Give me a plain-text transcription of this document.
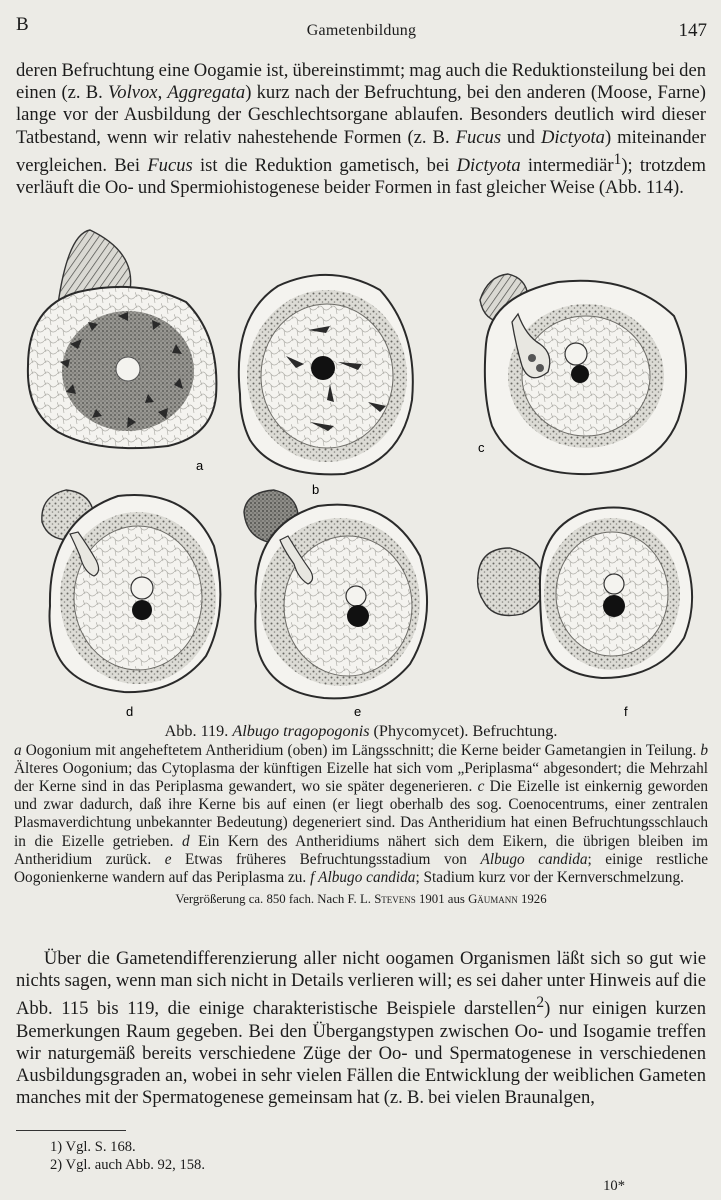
B	Gametenbildung	147

deren Befruchtung eine Oogamie ist, übereinstimmt; mag auch die Reduktionsteilung bei den einen (z. B. Volvox, Aggregata) kurz nach der Befruchtung, bei den anderen (Moose, Farne) lange vor der Ausbildung der Geschlechtsorgane ablaufen. Besonders deutlich wird dieser Tatbestand, wenn wir relativ nahestehende Formen (z. B. Fucus und Dictyota) miteinander vergleichen. Bei Fucus ist die Reduktion gametisch, bei Dictyota intermediär$^1$); trotzdem verläuft die Oo- und Spermiohistogenese beider Formen in fast gleicher Weise (Abb. 114).

a
b
c
d	e	f
Abb. 119. Albugo tragopogonis (Phycomycet). Befruchtung.
a Oogonium mit angeheftetem Antheridium (oben) im Längsschnitt; die Kerne beider Gametangien in Teilung. b Älteres Oogonium; das Cytoplasma der künftigen Eizelle hat sich vom „Periplasma“ abgesondert; die Mehrzahl der Kerne sind in das Periplasma gewandert, wo sie später degenerieren. c Die Eizelle ist einkernig geworden und zwar dadurch, daß ihre Kerne bis auf einen (er liegt oberhalb des sog. Coenocentrums, einer zentralen Plasmaverdichtung unbekannter Bedeutung) degeneriert sind. Das Antheridium hat einen Befruchtungsschlauch in die Eizelle getrieben. d Ein Kern des Antheridiums nähert sich dem Eikern, die übrigen bleiben im Antheridium zurück. e Etwas früheres Befruchtungsstadium von Albugo candida; einige restliche Oogonienkerne wandern auf das Periplasma zu. f Albugo candida; Stadium kurz vor der Kernverschmelzung.
Vergrößerung ca. 850 fach. Nach F. L. Stevens 1901 aus Gäumann 1926

Über die Gametendifferenzierung aller nicht oogamen Organismen läßt sich so gut wie nichts sagen, wenn man sich nicht in Details verlieren will; es sei daher unter Hinweis auf die Abb. 115 bis 119, die einige charakteristische Beispiele darstellen$^2$) nur einigen kurzen Bemerkungen Raum gegeben. Bei den Übergangstypen zwischen Oo- und Isogamie treffen wir naturgemäß bereits verschiedene Züge der Oo- und Spermatogenese in verschiedenen Ausbildungsgraden an, wobei in sehr vielen Fällen die Entwicklung der weiblichen Gameten manches mit der Spermatogenese gemeinsam hat (z. B. bei vielen Braunalgen,

1) Vgl. S. 168.
2) Vgl. auch Abb. 92, 158.
10*
